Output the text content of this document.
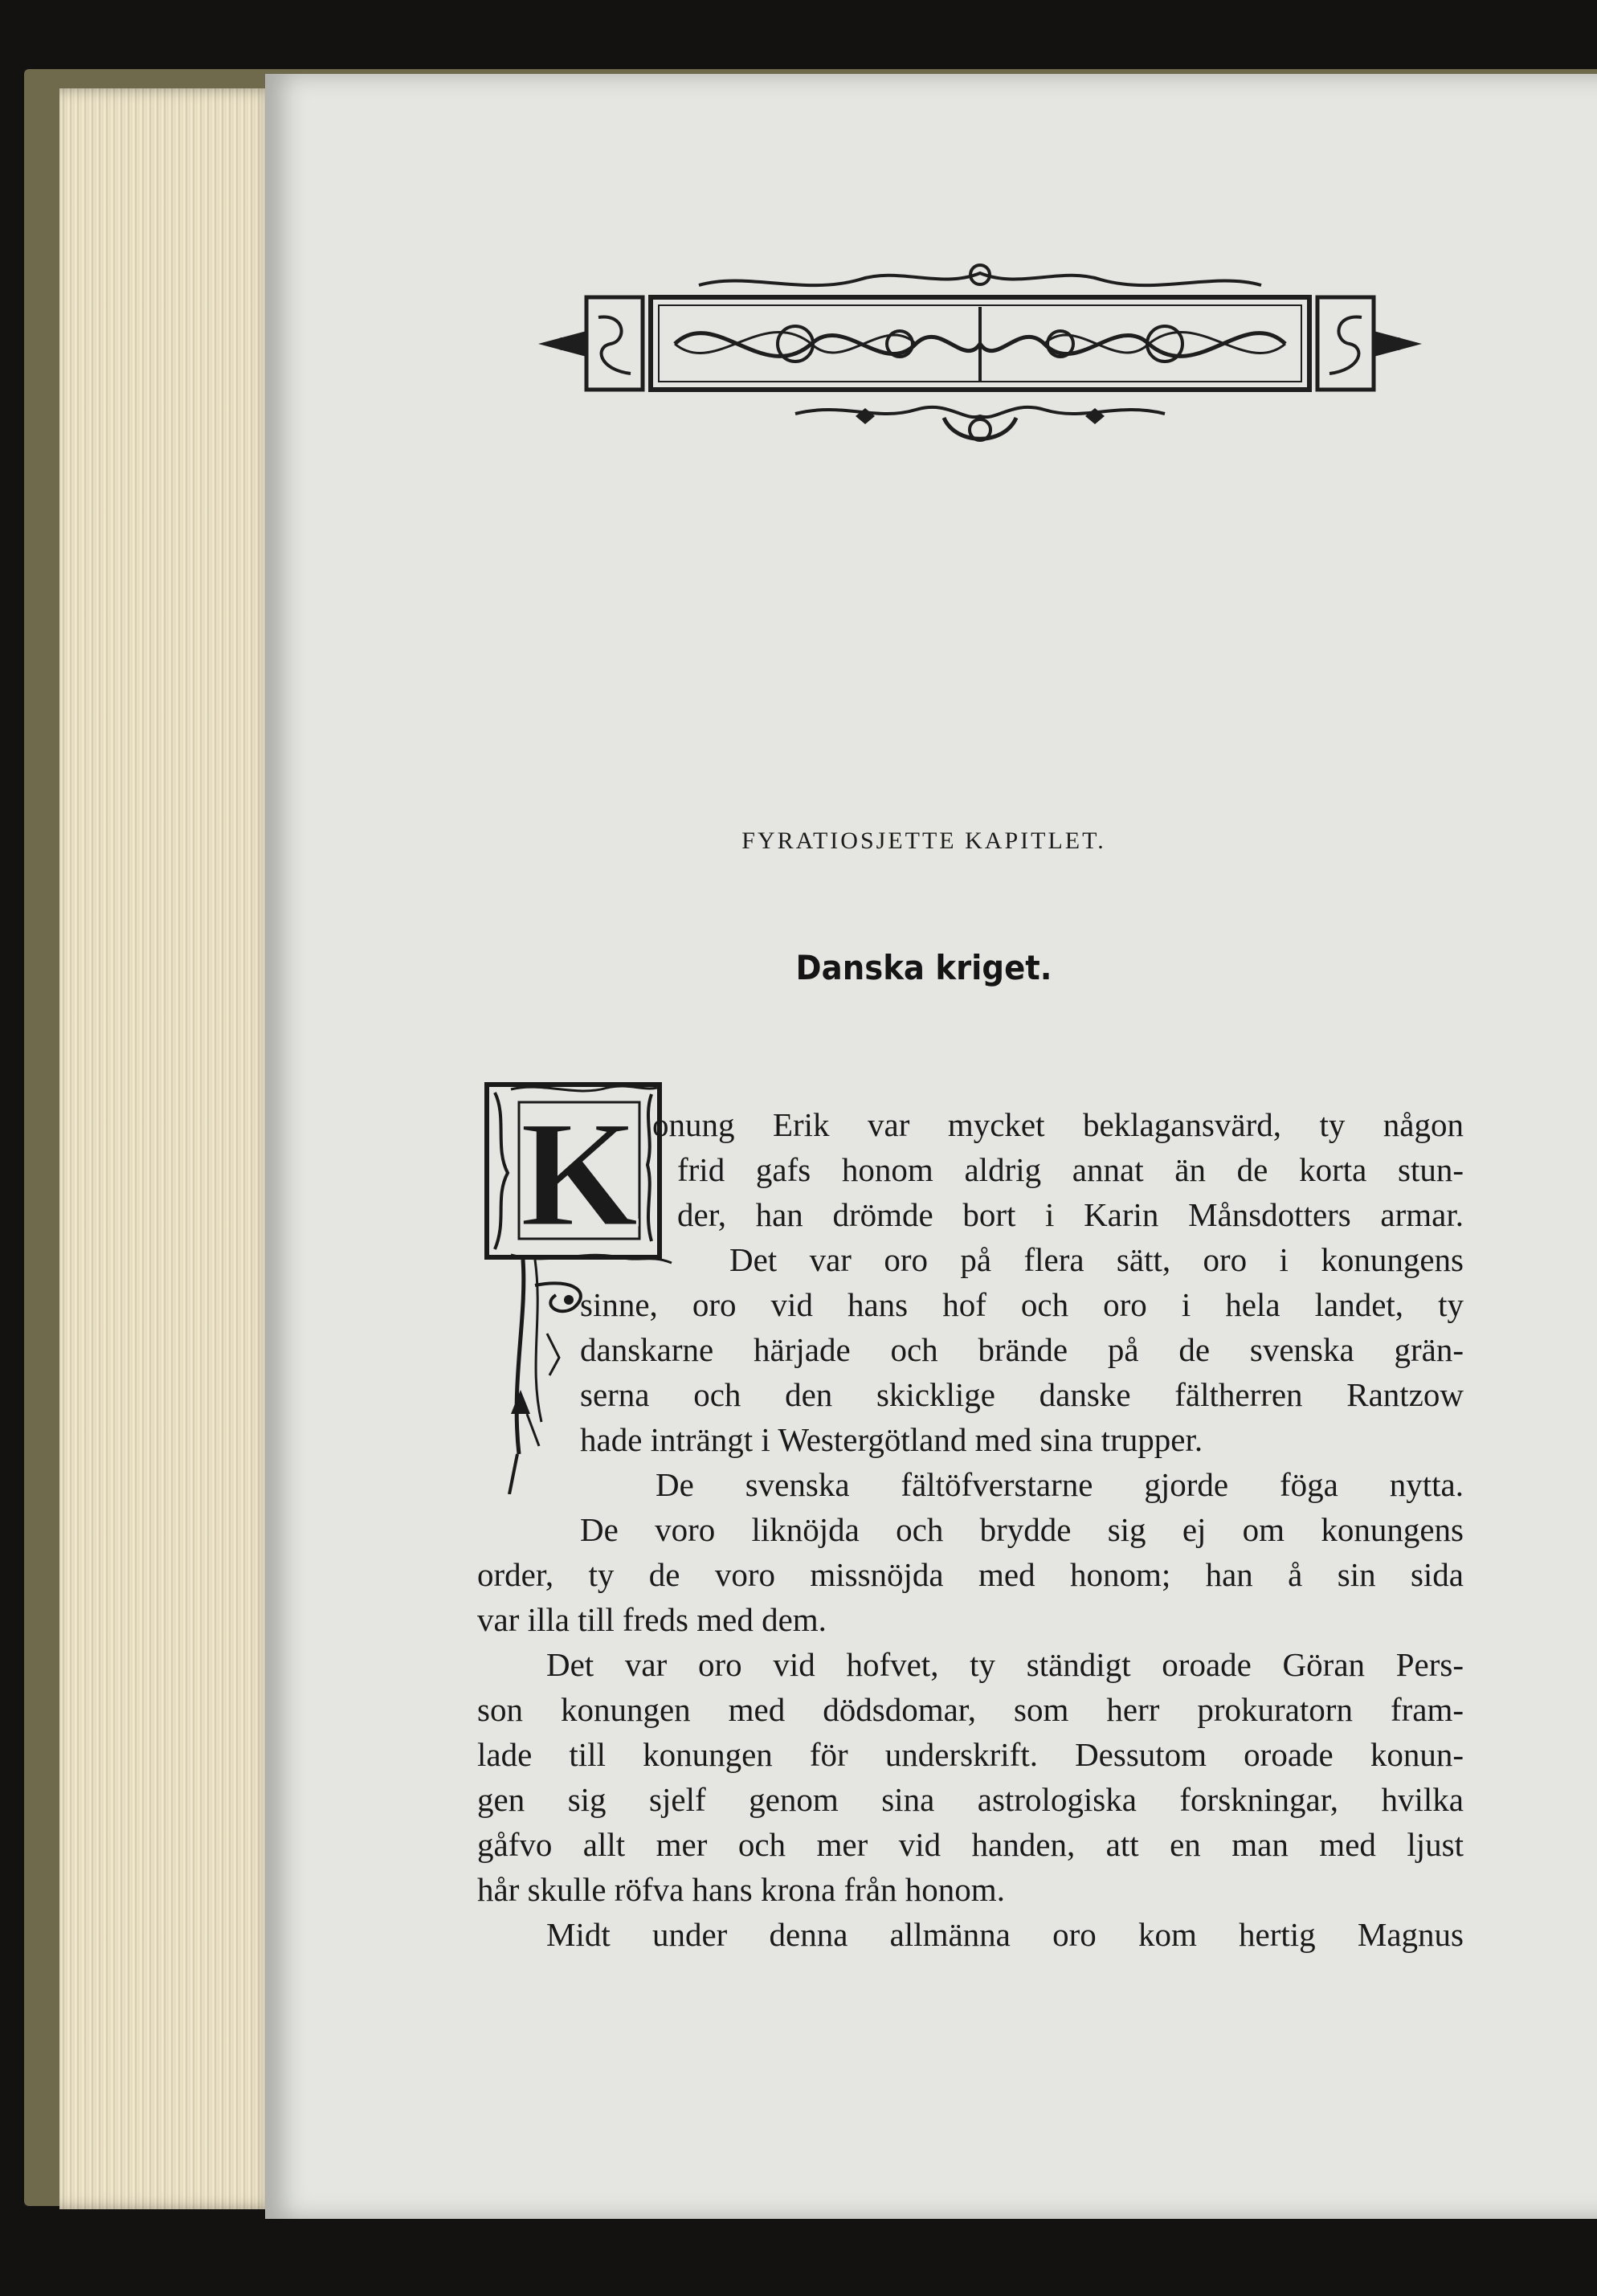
FYRATIOSJETTE KAPITLET.
Danska kriget.
K onung Erik var mycket beklagansvärd, ty någon
frid gafs honom aldrig annat än de korta stun-
der, han drömde bort i Karin Månsdotters armar.
Det var oro på flera sätt, oro i konungens
sinne, oro vid hans hof och oro i hela landet, ty
danskarne härjade och brände på de svenska grän-
serna och den skicklige danske fältherren Rantzow
hade inträngt i Westergötland med sina trupper.
De svenska fältöfverstarne gjorde föga nytta.
De voro liknöjda och brydde sig ej om konungens
order, ty de voro missnöjda med honom; han å sin sida
var illa till freds med dem.
Det var oro vid hofvet, ty ständigt oroade Göran Pers-
son konungen med dödsdomar, som herr prokuratorn fram-
lade till konungen för underskrift. Dessutom oroade konun-
gen sig sjelf genom sina astrologiska forskningar, hvilka
gåfvo allt mer och mer vid handen, att en man med ljust
hår skulle röfva hans krona från honom.
Midt under denna allmänna oro kom hertig Magnus
